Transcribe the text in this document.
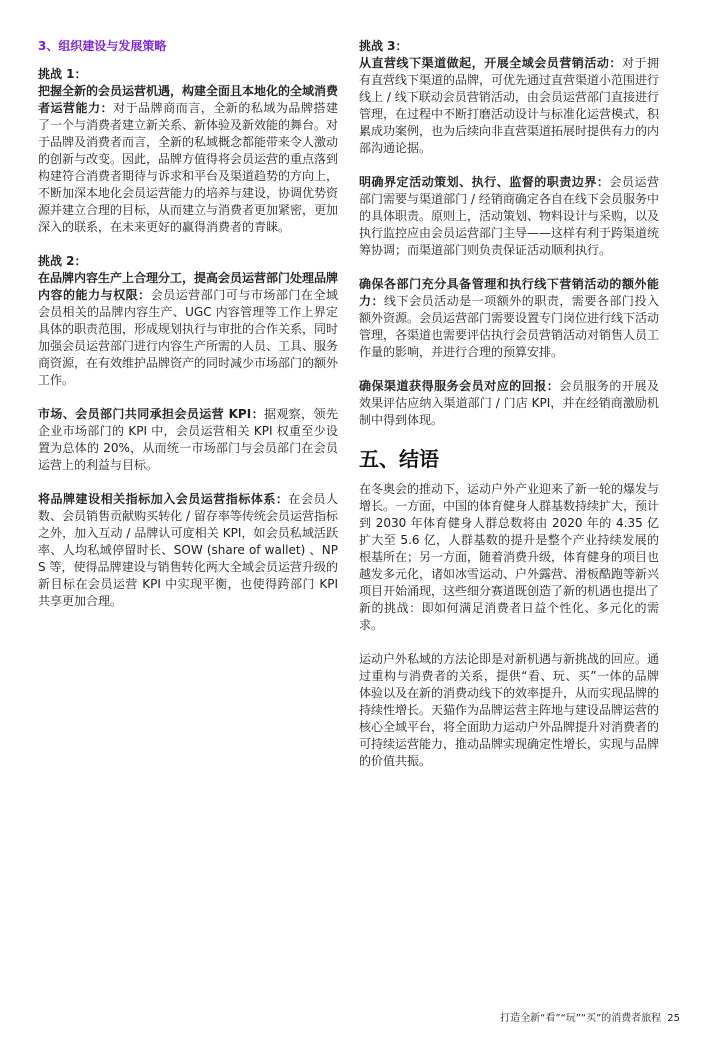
3、组织建设与发展策略
挑战 1：

把握全新的会员运营机遇，构建全面且本地化的全域消费者运营能力：对于品牌商而言，全新的私域为品牌搭建了一个与消费者建立新关系、新体验及新效能的舞台。对于品牌及消费者而言，全新的私域概念都能带来令人激动的创新与改变。因此，品牌方值得将会员运营的重点落到构建符合消费者期待与诉求和平台及渠道趋势的方向上，不断加深本地化会员运营能力的培养与建设，协调优势资源并建立合理的目标，从而建立与消费者更加紧密，更加深入的联系，在未来更好的赢得消费者的青睐。

挑战 2：

在品牌内容生产上合理分工，提高会员运营部门处理品牌内容的能力与权限：会员运营部门可与市场部门在全域会员相关的品牌内容生产、UGC 内容管理等工作上界定具体的职责范围，形成规划执行与审批的合作关系，同时加强会员运营部门进行内容生产所需的人员、工具、服务商资源，在有效维护品牌资产的同时减少市场部门的额外工作。

市场、会员部门共同承担会员运营 KPI：据观察，领先企业市场部门的 KPI 中，会员运营相关 KPI 权重至少设置为总体的 20%，从而统一市场部门与会员部门在会员运营上的利益与目标。

将品牌建设相关指标加入会员运营指标体系：在会员人数、会员销售贡献购买转化 / 留存率等传统会员运营指标之外，加入互动 / 品牌认可度相关 KPI，如会员私域活跃率、人均私域停留时长、SOW (share of wallet) 、NPS 等，使得品牌建设与销售转化两大全域会员运营升级的新目标在会员运营 KPI 中实现平衡，也使得跨部门 KPI 共享更加合理。

挑战 3：

从直营线下渠道做起，开展全域会员营销活动：对于拥有直营线下渠道的品牌，可优先通过直营渠道小范围进行线上 / 线下联动会员营销活动，由会员运营部门直接进行管理，在过程中不断打磨活动设计与标准化运营模式，积累成功案例，也为后续向非直营渠道拓展时提供有力的内部沟通论据。

明确界定活动策划、执行、监督的职责边界：会员运营部门需要与渠道部门 / 经销商确定各自在线下会员服务中的具体职责。原则上，活动策划、物料设计与采购，以及执行监控应由会员运营部门主导——这样有利于跨渠道统筹协调；而渠道部门则负责保证活动顺利执行。

确保各部门充分具备管理和执行线下营销活动的额外能力：线下会员活动是一项额外的职责，需要各部门投入额外资源。会员运营部门需要设置专门岗位进行线下活动管理，各渠道也需要评估执行会员营销活动对销售人员工作量的影响，并进行合理的预算安排。

确保渠道获得服务会员对应的回报：会员服务的开展及效果评估应纳入渠道部门 / 门店 KPI，并在经销商激励机制中得到体现。

五、结语

在冬奥会的推动下，运动户外产业迎来了新一轮的爆发与增长。一方面，中国的体育健身人群基数持续扩大，预计到 2030 年体育健身人群总数将由 2020 年的 4.35 亿扩大至 5.6 亿，人群基数的提升是整个产业持续发展的根基所在；另一方面，随着消费升级，体育健身的项目也越发多元化，诸如冰雪运动、户外露营、滑板酷跑等新兴项目开始涌现，这些细分赛道既创造了新的机遇也提出了新的挑战：即如何满足消费者日益个性化、多元化的需求。

运动户外私域的方法论即是对新机遇与新挑战的回应。通过重构与消费者的关系，提供“看、玩、买”一体的品牌体验以及在新的消费动线下的效率提升，从而实现品牌的持续性增长。天猫作为品牌运营主阵地与建设品牌运营的核心全域平台，将全面助力运动户外品牌提升对消费者的可持续运营能力，推动品牌实现确定性增长，实现与品牌的价值共振。

打造全新“看”“玩”“买”的消费者旅程 25
